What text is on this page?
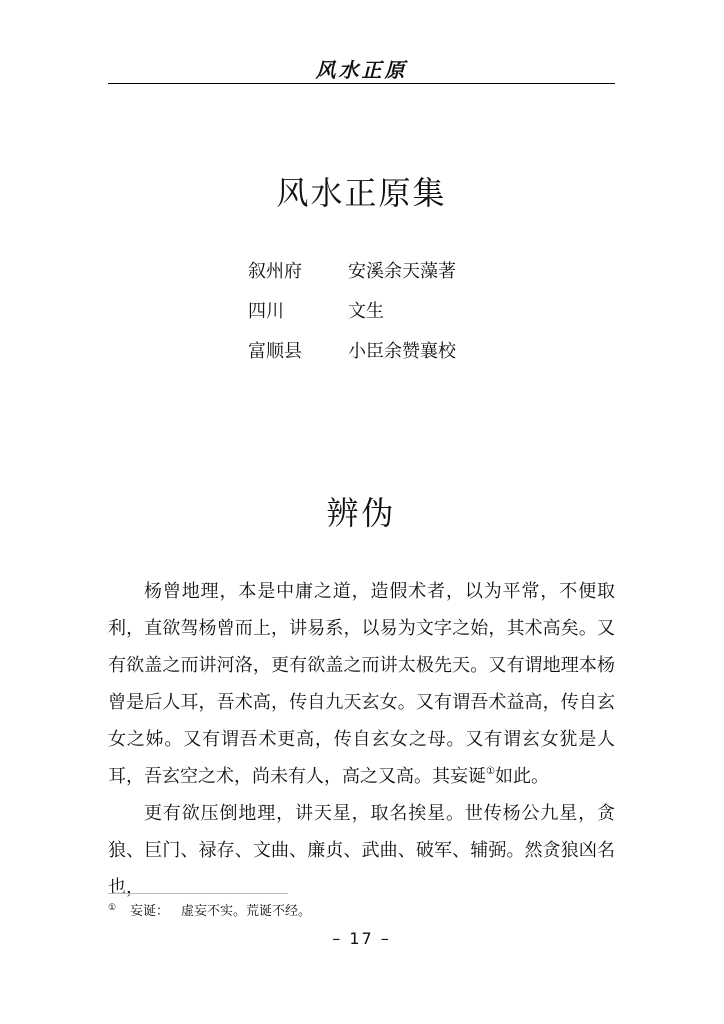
风水正原
风水正原集
叙州府	安溪余天藻著
四川	文生
富顺县	小臣余赞襄校
辨伪

杨曾地理，本是中庸之道，造假术者，以为平常，不便取利，直欲驾杨曾而上，讲易系，以易为文字之始，其术高矣。又有欲盖之而讲河洛，更有欲盖之而讲太极先天。又有谓地理本杨曾是后人耳，吾术高，传自九天玄女。又有谓吾术益高，传自玄女之姊。又有谓吾术更高，传自玄女之母。又有谓玄女犹是人耳，吾玄空之术，尚未有人，高之又高。其妄诞①如此。

更有欲压倒地理，讲天星，取名挨星。世传杨公九星，贪狼、巨门、禄存、文曲、廉贞、武曲、破军、辅弼。然贪狼凶名也，

①	妄诞： 虚妄不实。荒诞不经。
– 17 –
